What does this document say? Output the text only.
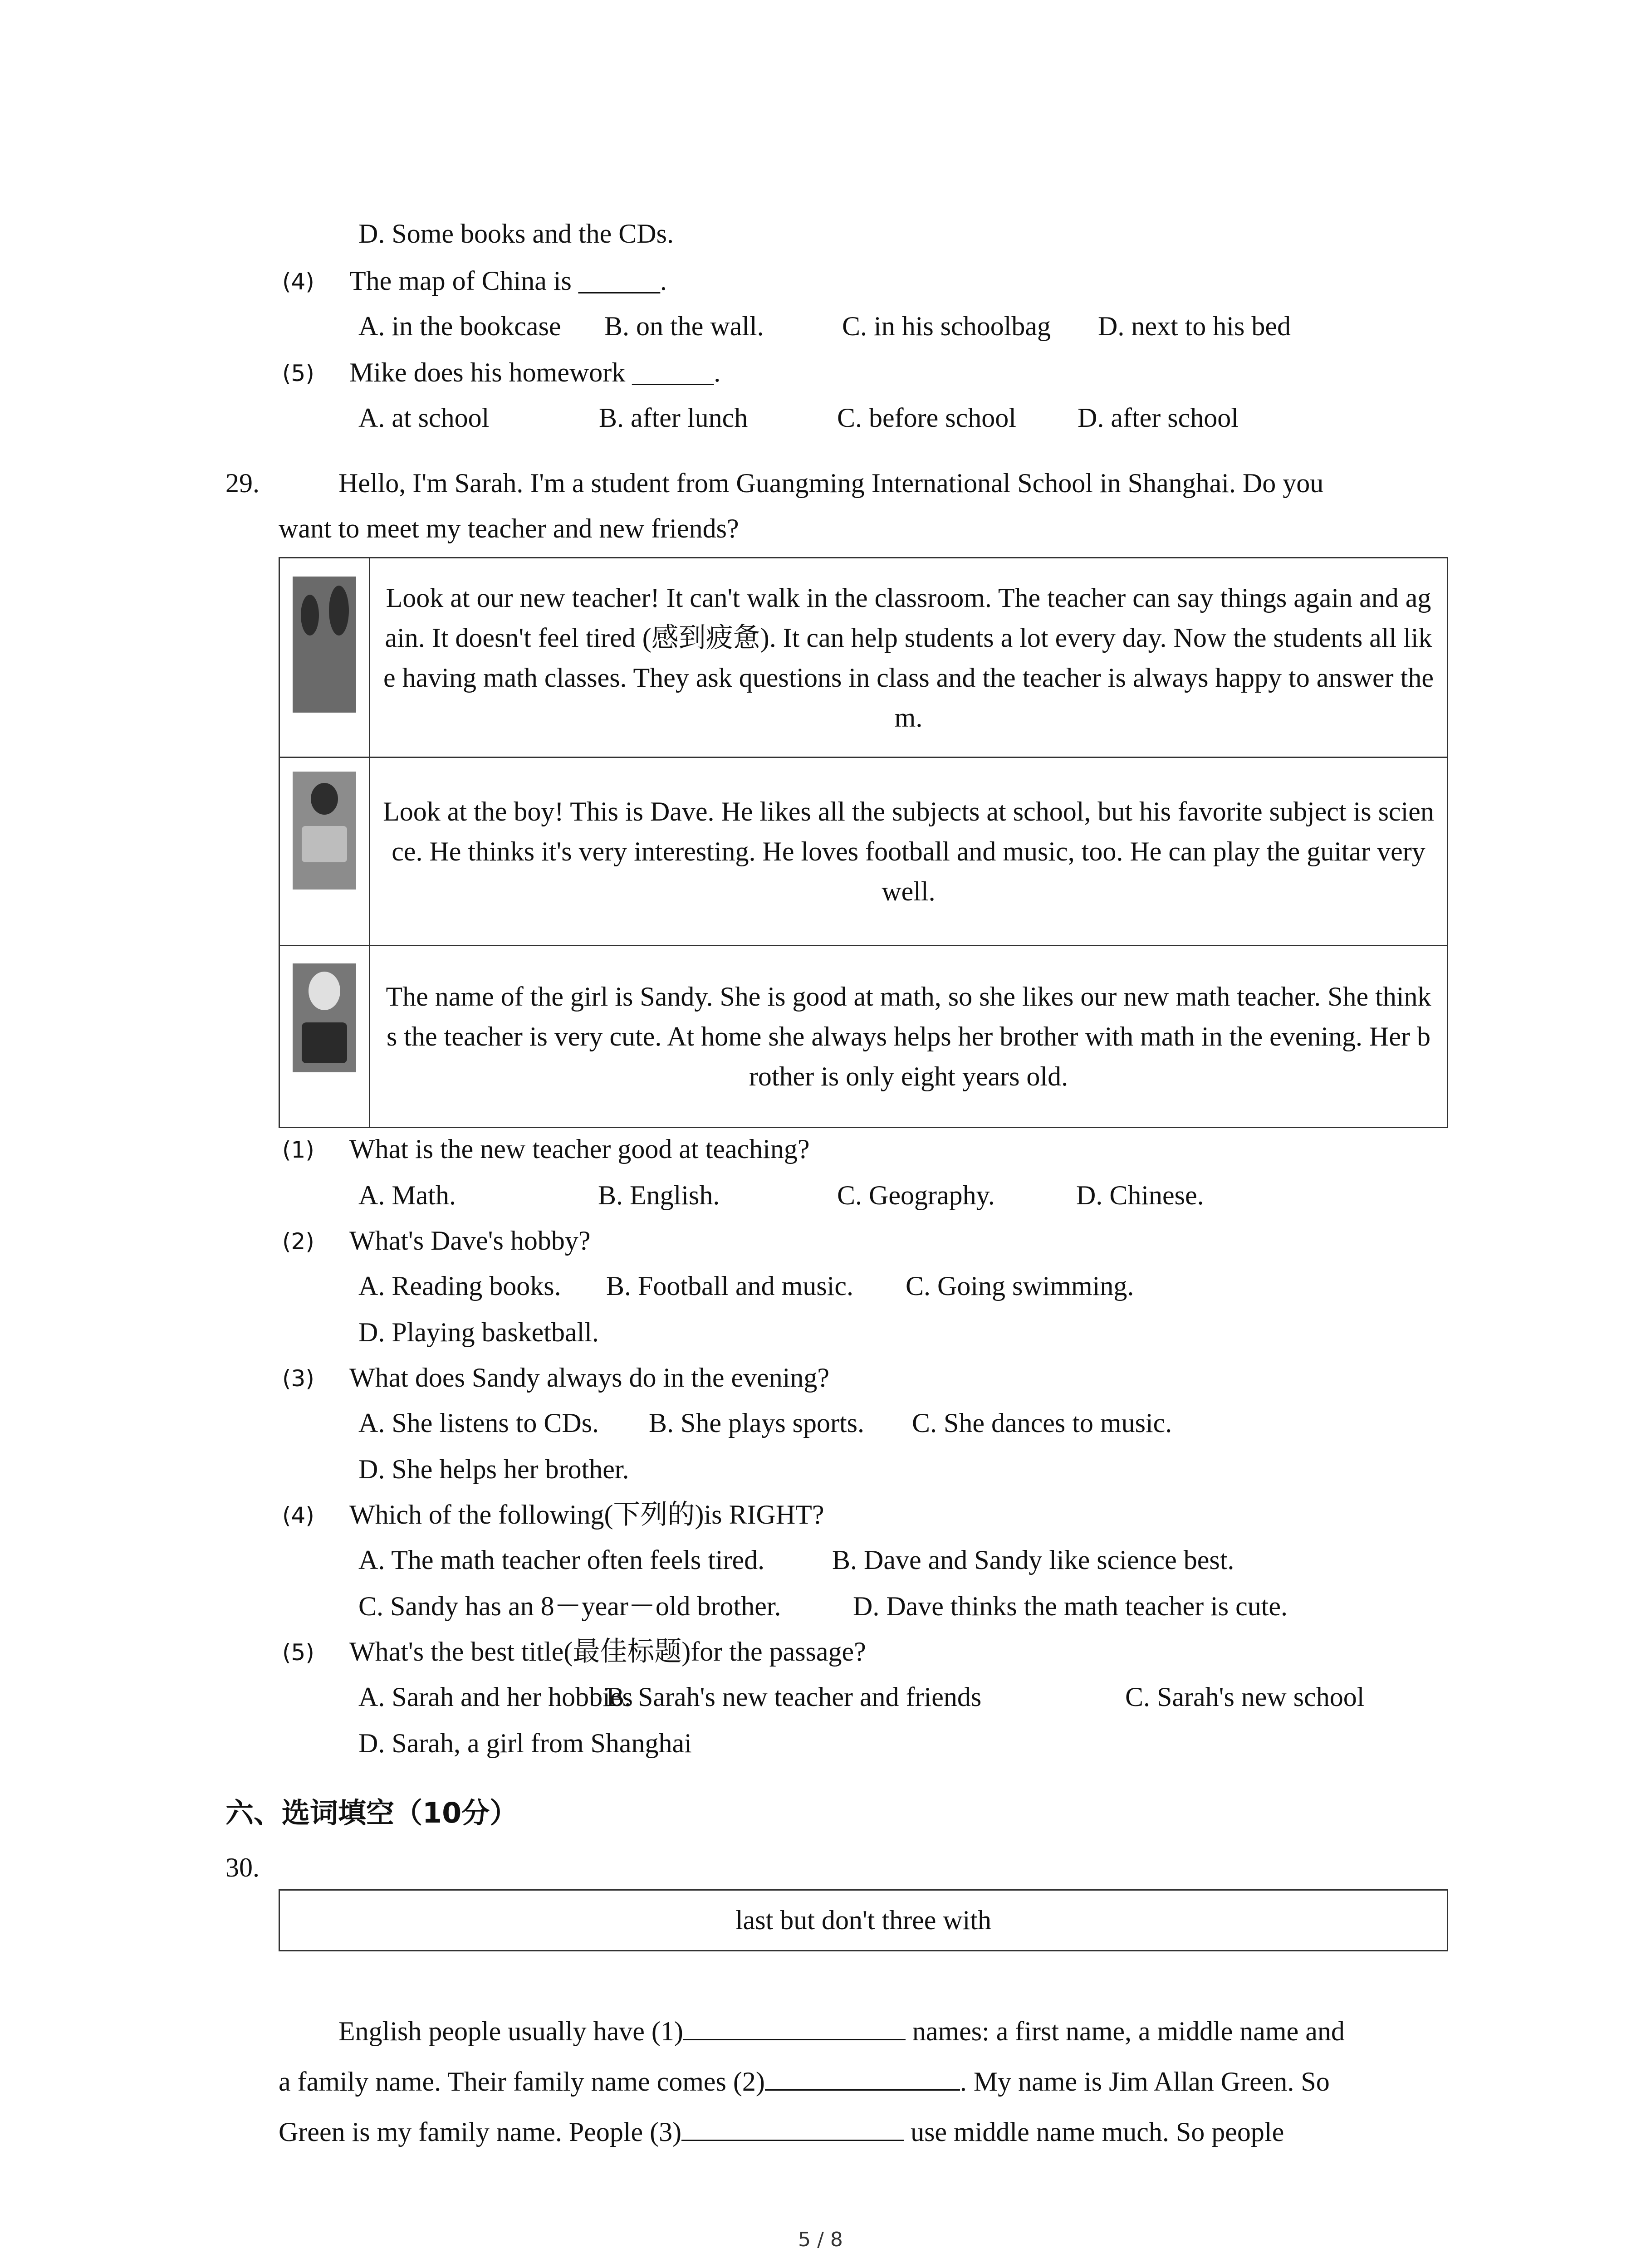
D. Some books and the CDs.
(4) The map of China is ______.
A. in the bookcase B. on the wall.	C. in his schoolbag D. next to his bed
(5) Mike does his homework ______.
A. at school	B. after lunch	C. before school D. after school
29.	Hello, I'm Sarah. I'm a student from Guangming International School in Shanghai. Do you
want to meet my teacher and new friends?
Look at our new teacher! It can't walk in the classroom. The teacher can say things again and again. It doesn't feel tired (感到疲惫). It can help students a lot every day. Now the students all like having math classes. They ask questions in class and the teacher is always happy to answer them.
Look at the boy! This is Dave. He likes all the subjects at school, but his favorite subject is science. He thinks it's very interesting. He loves football and music, too. He can play the guitar very well.
The name of the girl is Sandy. She is good at math, so she likes our new math teacher. She thinks the teacher is very cute. At home she always helps her brother with math in the evening. Her brother is only eight years old.
(1) What is the new teacher good at teaching?
A. Math.	B. English.	C. Geography.	D. Chinese.
(2) What's Dave's hobby?
A. Reading books. B. Football and music. C. Going swimming.
D. Playing basketball.
(3) What does Sandy always do in the evening?
A. She listens to CDs. B. She plays sports. C. She dances to music.
D. She helps her brother.
(4) Which of the following(下列的)is RIGHT?
A. The math teacher often feels tired. B. Dave and Sandy like science best.
C. Sandy has an 8－year－old brother.	D. Dave thinks the math teacher is cute.
(5) What's the best title(最佳标题)for the passage?
A. Sarah and her hobbies
B. Sarah's new teacher and friends	C. Sarah's new school
D. Sarah, a girl from Shanghai
六、选词填空（10分）
30.
last but don't three with
English people usually have (1)	names: a first name, a middle name and
a family name. Their family name comes (2)	. My name is Jim Allan Green. So
Green is my family name. People (3)	use middle name much. So people
5 / 8
